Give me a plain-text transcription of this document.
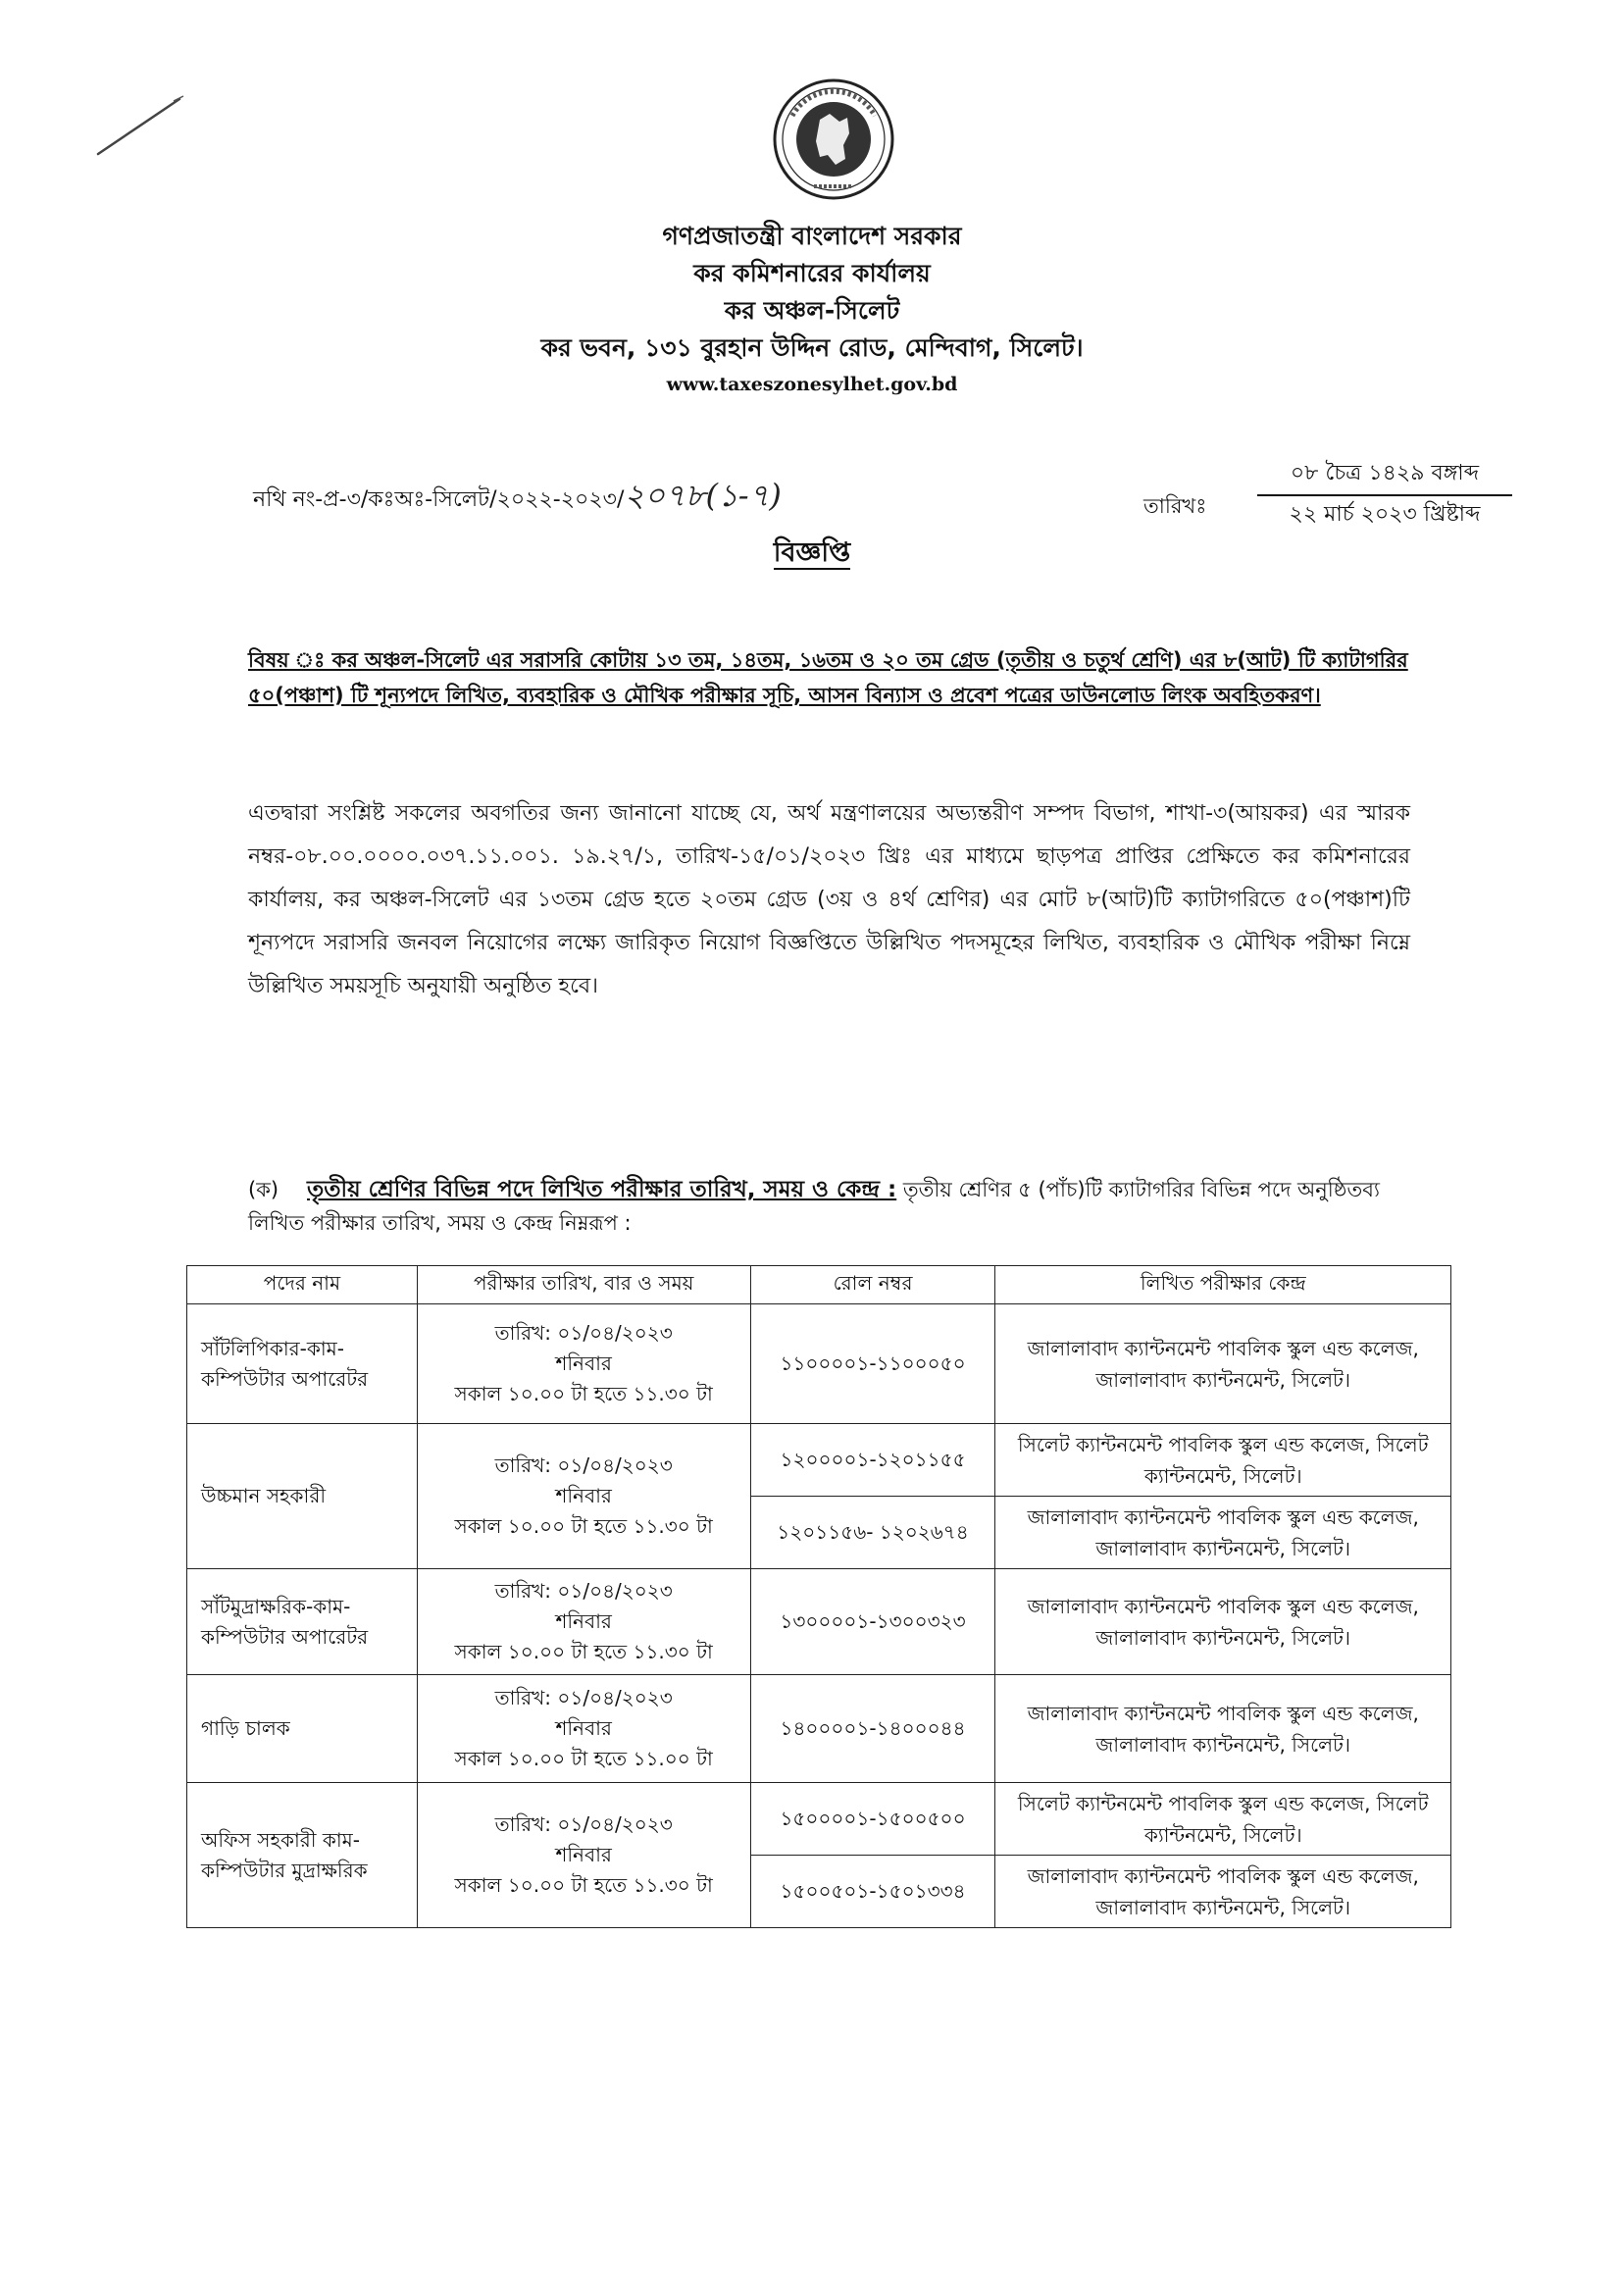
গণপ্রজাতন্ত্রী বাংলাদেশ সরকার
কর কমিশনারের কার্যালয়
কর অঞ্চল-সিলেট
কর ভবন, ১৩১ বুরহান উদ্দিন রোড, মেন্দিবাগ, সিলেট।
www.taxeszonesylhet.gov.bd
নথি নং-প্র-৩/কঃঅঃ-সিলেট/২০২২-২০২৩/২০৭৮(১-৭)	তারিখঃ
০৮ চৈত্র ১৪২৯ বঙ্গাব্দ
২২ মার্চ ২০২৩ খ্রিষ্টাব্দ
বিজ্ঞপ্তি
বিষয় ঃ কর অঞ্চল-সিলেট এর সরাসরি কোটায় ১৩ তম, ১৪তম, ১৬তম ও ২০ তম গ্রেড (তৃতীয় ও চতুর্থ শ্রেণি) এর ৮(আট) টি ক্যাটাগরির ৫০(পঞ্চাশ) টি শূন্যপদে লিখিত, ব্যবহারিক ও মৌখিক পরীক্ষার সূচি, আসন বিন্যাস ও প্রবেশ পত্রের ডাউনলোড লিংক অবহিতকরণ।
এতদ্বারা সংশ্লিষ্ট সকলের অবগতির জন্য জানানো যাচ্ছে যে, অর্থ মন্ত্রণালয়ের অভ্যন্তরীণ সম্পদ বিভাগ, শাখা-৩(আয়কর) এর স্মারক নম্বর-০৮.০০.০০০০.০৩৭.১১.০০১. ১৯.২৭/১, তারিখ-১৫/০১/২০২৩ খ্রিঃ এর মাধ্যমে ছাড়পত্র প্রাপ্তির প্রেক্ষিতে কর কমিশনারের কার্যালয়, কর অঞ্চল-সিলেট এর ১৩তম গ্রেড হতে ২০তম গ্রেড (৩য় ও ৪র্থ শ্রেণির) এর মোট ৮(আট)টি ক্যাটাগরিতে ৫০(পঞ্চাশ)টি শূন্যপদে সরাসরি জনবল নিয়োগের লক্ষ্যে জারিকৃত নিয়োগ বিজ্ঞপ্তিতে উল্লিখিত পদসমূহের লিখিত, ব্যবহারিক ও মৌখিক পরীক্ষা নিম্নে উল্লিখিত সময়সূচি অনুযায়ী অনুষ্ঠিত হবে।
(ক) তৃতীয় শ্রেণির বিভিন্ন পদে লিখিত পরীক্ষার তারিখ, সময় ও কেন্দ্র : তৃতীয় শ্রেণির ৫ (পাঁচ)টি ক্যাটাগরির বিভিন্ন পদে অনুষ্ঠিতব্য লিখিত পরীক্ষার তারিখ, সময় ও কেন্দ্র নিম্নরূপ :
পদের নাম	পরীক্ষার তারিখ, বার ও সময়	রোল নম্বর	লিখিত পরীক্ষার কেন্দ্র
সাঁটলিপিকার-কাম-কম্পিউটার অপারেটর	তারিখ: ০১/০৪/২০২৩
শনিবার
সকাল ১০.০০ টা হতে ১১.৩০ টা	১১০০০০১-১১০০০৫০	জালালাবাদ ক্যান্টনমেন্ট পাবলিক স্কুল এন্ড কলেজ, জালালাবাদ ক্যান্টনমেন্ট, সিলেট।
উচ্চমান সহকারী	তারিখ: ০১/০৪/২০২৩
শনিবার
সকাল ১০.০০ টা হতে ১১.৩০ টা	১২০০০০১-১২০১১৫৫	সিলেট ক্যান্টনমেন্ট পাবলিক স্কুল এন্ড কলেজ, সিলেট ক্যান্টনমেন্ট, সিলেট।
		১২০১১৫৬- ১২০২৬৭৪	জালালাবাদ ক্যান্টনমেন্ট পাবলিক স্কুল এন্ড কলেজ, জালালাবাদ ক্যান্টনমেন্ট, সিলেট।
সাঁটমুদ্রাক্ষরিক-কাম-কম্পিউটার অপারেটর	তারিখ: ০১/০৪/২০২৩
শনিবার
সকাল ১০.০০ টা হতে ১১.৩০ টা	১৩০০০০১-১৩০০৩২৩	জালালাবাদ ক্যান্টনমেন্ট পাবলিক স্কুল এন্ড কলেজ, জালালাবাদ ক্যান্টনমেন্ট, সিলেট।
গাড়ি চালক	তারিখ: ০১/০৪/২০২৩
শনিবার
সকাল ১০.০০ টা হতে ১১.০০ টা	১৪০০০০১-১৪০০০৪৪	জালালাবাদ ক্যান্টনমেন্ট পাবলিক স্কুল এন্ড কলেজ, জালালাবাদ ক্যান্টনমেন্ট, সিলেট।
অফিস সহকারী কাম-কম্পিউটার মুদ্রাক্ষরিক	তারিখ: ০১/০৪/২০২৩
শনিবার
সকাল ১০.০০ টা হতে ১১.৩০ টা	১৫০০০০১-১৫০০৫০০	সিলেট ক্যান্টনমেন্ট পাবলিক স্কুল এন্ড কলেজ, সিলেট ক্যান্টনমেন্ট, সিলেট।
		১৫০০৫০১-১৫০১৩৩৪	জালালাবাদ ক্যান্টনমেন্ট পাবলিক স্কুল এন্ড কলেজ, জালালাবাদ ক্যান্টনমেন্ট, সিলেট।
